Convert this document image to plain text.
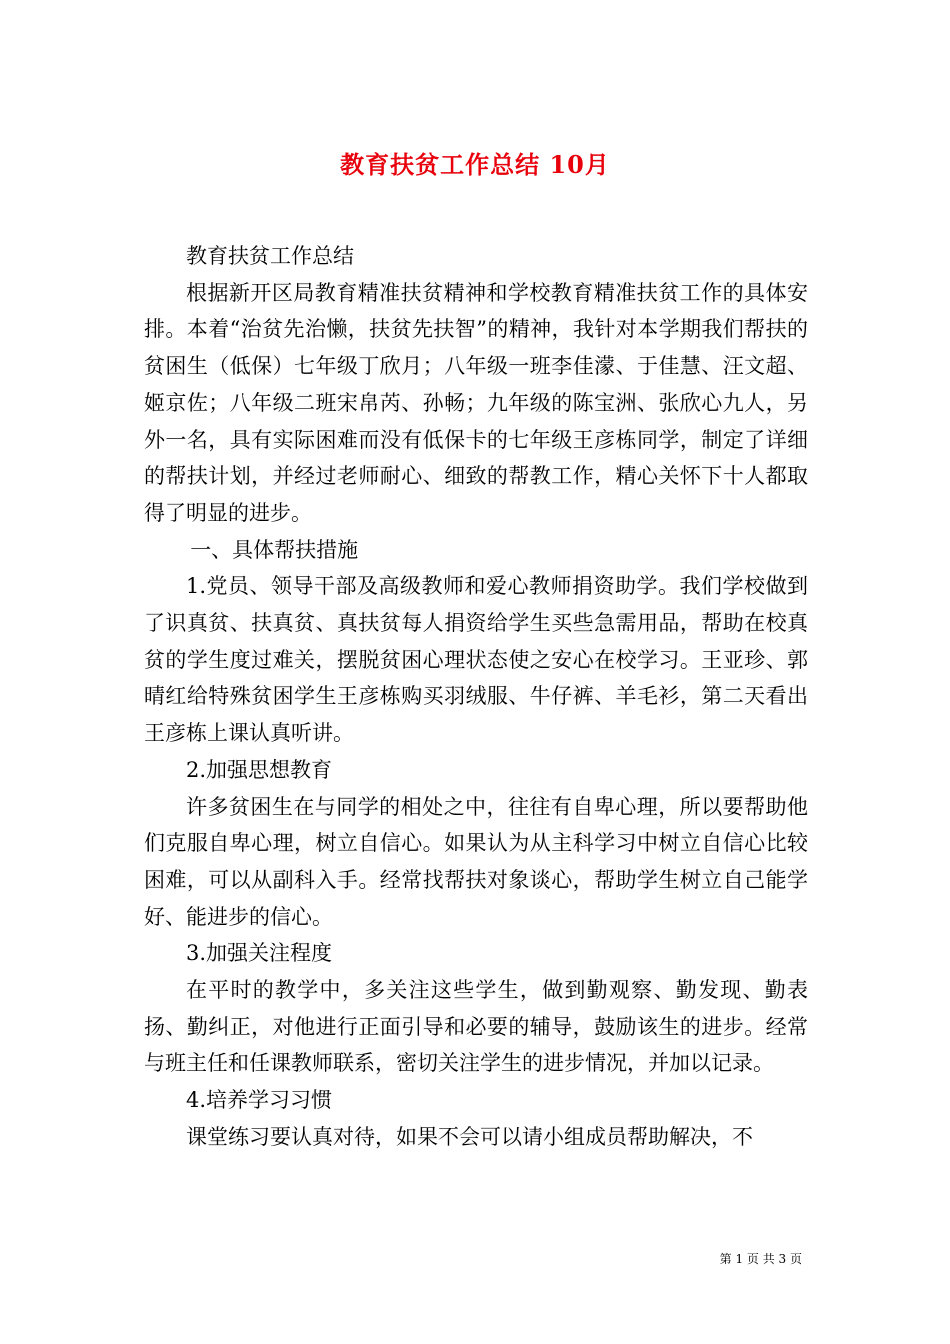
教育扶贫工作总结 10月

教育扶贫工作总结

根据新开区局教育精准扶贫精神和学校教育精准扶贫工作的具体安排。本着“治贫先治懒，扶贫先扶智”的精神，我针对本学期我们帮扶的贫困生（低保）七年级丁欣月；八年级一班李佳濛、于佳慧、汪文超、姬京佐；八年级二班宋帛芮、孙畅；九年级的陈宝洲、张欣心九人，另外一名，具有实际困难而没有低保卡的七年级王彦栋同学，制定了详细的帮扶计划，并经过老师耐心、细致的帮教工作，精心关怀下十人都取得了明显的进步。

一、具体帮扶措施

1.党员、领导干部及高级教师和爱心教师捐资助学。我们学校做到了识真贫、扶真贫、真扶贫每人捐资给学生买些急需用品，帮助在校真贫的学生度过难关，摆脱贫困心理状态使之安心在校学习。王亚珍、郭晴红给特殊贫困学生王彦栋购买羽绒服、牛仔裤、羊毛衫，第二天看出王彦栋上课认真听讲。

2.加强思想教育

许多贫困生在与同学的相处之中，往往有自卑心理，所以要帮助他们克服自卑心理，树立自信心。如果认为从主科学习中树立自信心比较困难，可以从副科入手。经常找帮扶对象谈心，帮助学生树立自己能学好、能进步的信心。

3.加强关注程度

在平时的教学中，多关注这些学生，做到勤观察、勤发现、勤表扬、勤纠正，对他进行正面引导和必要的辅导，鼓励该生的进步。经常与班主任和任课教师联系，密切关注学生的进步情况，并加以记录。

4.培养学习习惯

课堂练习要认真对待，如果不会可以请小组成员帮助解决，不

第 1 页 共 3 页
